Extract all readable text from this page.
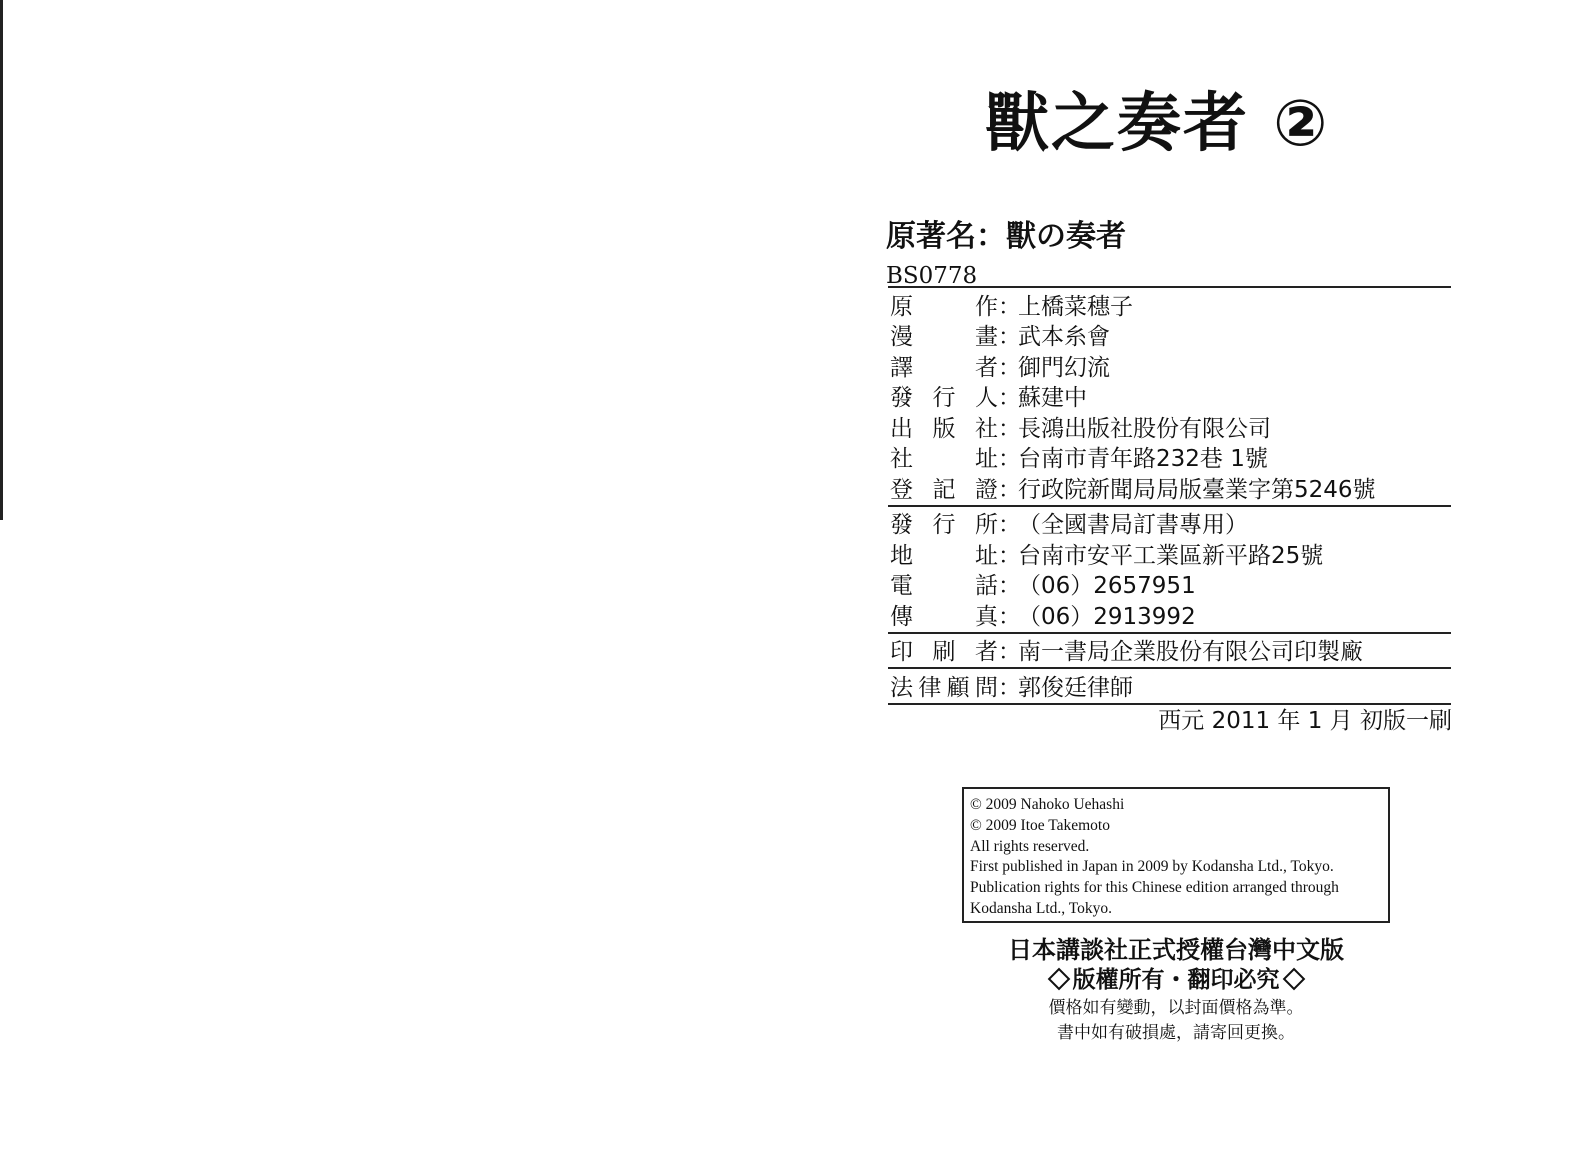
獸之奏者 ②
原著名：獸の奏者
BS0778
原	作 ：
上橋菜穗子
漫	畫 ：
武本糸會
譯	者 ：
御門幻流
發 行 人 ：
蘇建中
出 版 社 ：
長鴻出版社股份有限公司
社	址 ：
台南市青年路232巷 1號
登 記 證 ：
行政院新聞局局版臺業字第5246號
發 行 所 ：
（全國書局訂書專用）
地	址 ：
台南市安平工業區新平路25號
電	話 ：
（06）2657951
傳	真 ：
（06）2913992
印 刷 者 ：
南一書局企業股份有限公司印製廠
法 律 顧 問 ：
郭俊廷律師
西元 2011 年 1 月 初版一刷
© 2009 Nahoko Uehashi
© 2009 Itoe Takemoto
All rights reserved.
First published in Japan in 2009 by Kodansha Ltd., Tokyo.
Publication rights for this Chinese edition arranged through
Kodansha Ltd., Tokyo.
日本講談社正式授權台灣中文版
版權所有・翻印必究
價格如有變動，以封面價格為準。
書中如有破損處，請寄回更換。
